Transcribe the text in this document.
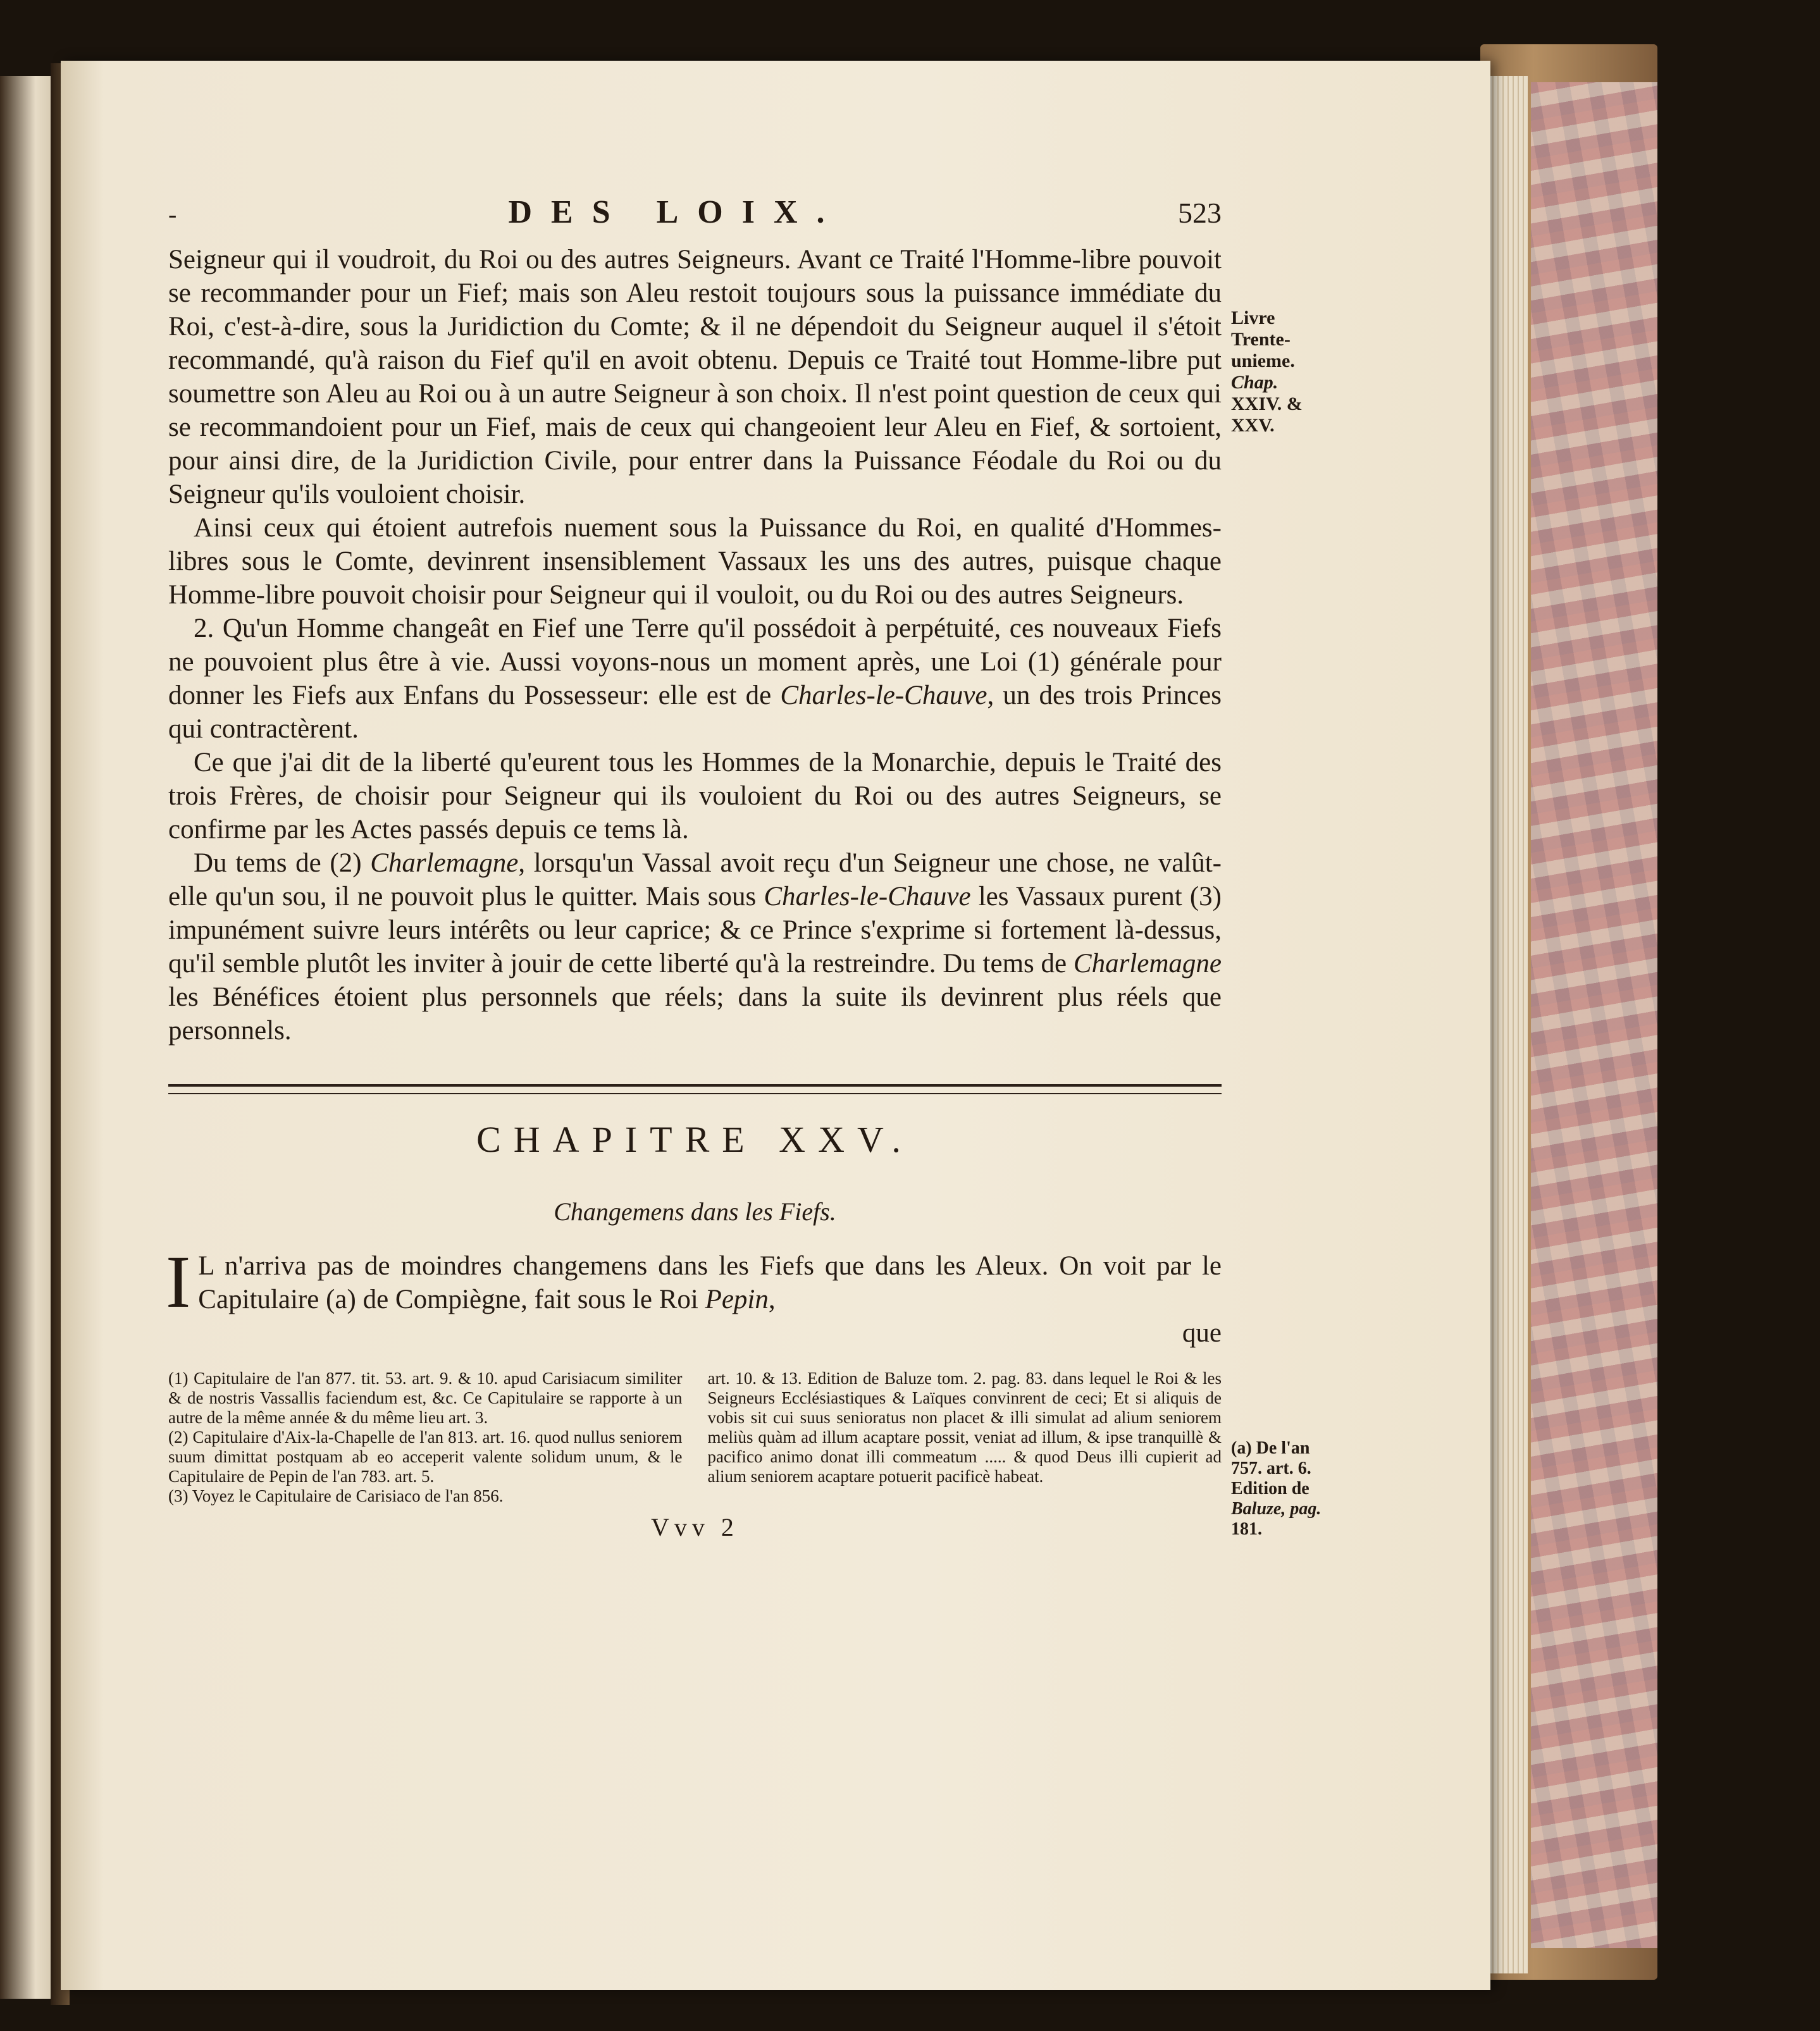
-	DES LOIX.	523

Seigneur qui il voudroit, du Roi ou des autres Seigneurs. Avant ce Traité l'Homme-libre pouvoit se recommander pour un Fief; mais son Aleu restoit toujours sous la puissance immédiate du Roi, c'est-à-dire, sous la Juridiction du Comte; & il ne dépendoit du Seigneur auquel il s'étoit recommandé, qu'à raison du Fief qu'il en avoit obtenu. Depuis ce Traité tout Homme-libre put soumettre son Aleu au Roi ou à un autre Seigneur à son choix. Il n'est point question de ceux qui se recommandoient pour un Fief, mais de ceux qui changeoient leur Aleu en Fief, & sortoient, pour ainsi dire, de la Juridiction Civile, pour entrer dans la Puissance Féodale du Roi ou du Seigneur qu'ils vouloient choisir.

Ainsi ceux qui étoient autrefois nuement sous la Puissance du Roi, en qualité d'Hommes-libres sous le Comte, devinrent insensiblement Vassaux les uns des autres, puisque chaque Homme-libre pouvoit choisir pour Seigneur qui il vouloit, ou du Roi ou des autres Seigneurs.

2. Qu'un Homme changeât en Fief une Terre qu'il possédoit à perpétuité, ces nouveaux Fiefs ne pouvoient plus être à vie. Aussi voyons-nous un moment après, une Loi (1) générale pour donner les Fiefs aux Enfans du Possesseur: elle est de Charles-le-Chauve, un des trois Princes qui contractèrent.

Ce que j'ai dit de la liberté qu'eurent tous les Hommes de la Monarchie, depuis le Traité des trois Frères, de choisir pour Seigneur qui ils vouloient du Roi ou des autres Seigneurs, se confirme par les Actes passés depuis ce tems là.

Du tems de (2) Charlemagne, lorsqu'un Vassal avoit reçu d'un Seigneur une chose, ne valût-elle qu'un sou, il ne pouvoit plus le quitter. Mais sous Charles-le-Chauve les Vassaux purent (3) impunément suivre leurs intérêts ou leur caprice; & ce Prince s'exprime si fortement là-dessus, qu'il semble plutôt les inviter à jouir de cette liberté qu'à la restreindre. Du tems de Charlemagne les Bénéfices étoient plus personnels que réels; dans la suite ils devinrent plus réels que personnels.

CHAPITRE XXV.
Changemens dans les Fiefs.

I L n'arriva pas de moindres changemens dans les Fiefs que dans les Aleux. On voit par le Capitulaire (a) de Compiègne, fait sous le Roi Pepin,

que

(1) Capitulaire de l'an 877. tit. 53. art. 9. & 10. apud Carisiacum similiter & de nostris Vassallis faciendum est, &c. Ce Capitulaire se rapporte à un autre de la même année & du même lieu art. 3.

(2) Capitulaire d'Aix-la-Chapelle de l'an 813. art. 16. quod nullus seniorem suum dimittat postquam ab eo acceperit valente solidum unum, & le Capitulaire de Pepin de l'an 783. art. 5.

(3) Voyez le Capitulaire de Carisiaco de l'an 856.

art. 10. & 13. Edition de Baluze tom. 2. pag. 83. dans lequel le Roi & les Seigneurs Ecclésiastiques & Laïques convinrent de ceci; Et si aliquis de vobis sit cui suus senioratus non placet & illi simulat ad alium seniorem meliùs quàm ad illum acaptare possit, veniat ad illum, & ipse tranquillè & pacifico animo donat illi commeatum ..... & quod Deus illi cupierit ad alium seniorem acaptare potuerit pacificè habeat.

Vvv 2
Livre
Trente-
unieme.
Chap.
XXIV. &
XXV.
(a) De l'an
757. art. 6.
Edition de
Baluze, pag.
181.
